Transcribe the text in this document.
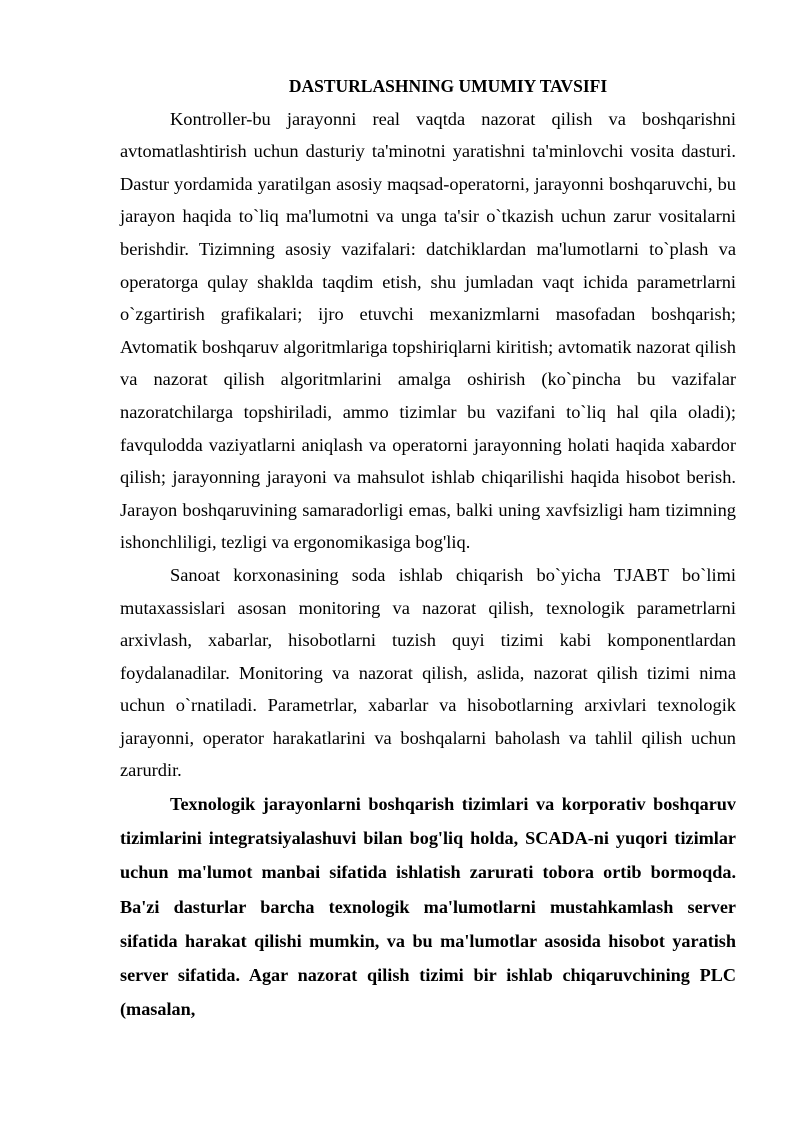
DASTURLASHNING UMUMIY TAVSIFI

Kontroller-bu jarayonni real vaqtda nazorat qilish va boshqarishni avtomatlashtirish uchun dasturiy ta'minotni yaratishni ta'minlovchi vosita dasturi. Dastur yordamida yaratilgan asosiy maqsad-operatorni, jarayonni boshqaruvchi, bu jarayon haqida to`liq ma'lumotni va unga ta'sir o`tkazish uchun zarur vositalarni berishdir. Tizimning asosiy vazifalari: datchiklardan ma'lumotlarni to`plash va operatorga qulay shaklda taqdim etish, shu jumladan vaqt ichida parametrlarni o`zgartirish grafikalari; ijro etuvchi mexanizmlarni masofadan boshqarish; Avtomatik boshqaruv algoritmlariga topshiriqlarni kiritish; avtomatik nazorat qilish va nazorat qilish algoritmlarini amalga oshirish (ko`pincha bu vazifalar nazoratchilarga topshiriladi, ammo tizimlar bu vazifani to`liq hal qila oladi); favqulodda vaziyatlarni aniqlash va operatorni jarayonning holati haqida xabardor qilish; jarayonning jarayoni va mahsulot ishlab chiqarilishi haqida hisobot berish. Jarayon boshqaruvining samaradorligi emas, balki uning xavfsizligi ham tizimning ishonchliligi, tezligi va ergonomikasiga bog'liq.

Sanoat korxonasining soda ishlab chiqarish bo`yicha TJABT bo`limi mutaxassislari asosan monitoring va nazorat qilish, texnologik parametrlarni arxivlash, xabarlar, hisobotlarni tuzish quyi tizimi kabi komponentlardan foydalanadilar. Monitoring va nazorat qilish, aslida, nazorat qilish tizimi nima uchun o`rnatiladi. Parametrlar, xabarlar va hisobotlarning arxivlari texnologik jarayonni, operator harakatlarini va boshqalarni baholash va tahlil qilish uchun zarurdir.

Texnologik jarayonlarni boshqarish tizimlari va korporativ boshqaruv tizimlarini integratsiyalashuvi bilan bog'liq holda, SCADA-ni yuqori tizimlar uchun ma'lumot manbai sifatida ishlatish zarurati tobora ortib bormoqda. Ba'zi dasturlar barcha texnologik ma'lumotlarni mustahkamlash server sifatida harakat qilishi mumkin, va bu ma'lumotlar asosida hisobot yaratish server sifatida. Agar nazorat qilish tizimi bir ishlab chiqaruvchining PLC (masalan,
